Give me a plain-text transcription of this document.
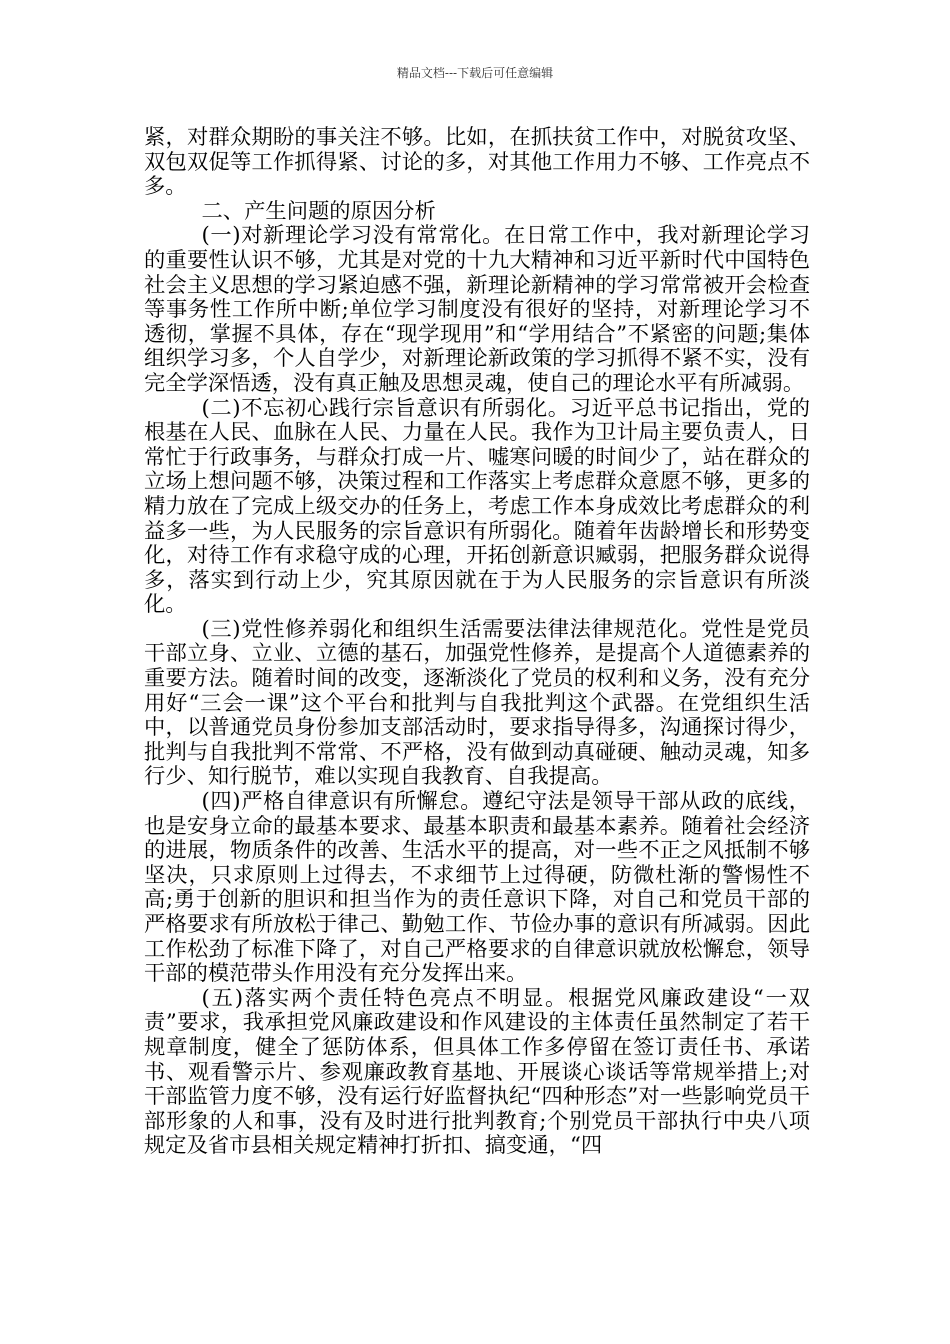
精品文档---下载后可任意编辑

紧，对群众期盼的事关注不够。比如，在抓扶贫工作中，对脱贫攻坚、双包双促等工作抓得紧、讨论的多，对其他工作用力不够、工作亮点不多。

二、产生问题的原因分析

(一)对新理论学习没有常常化。在日常工作中，我对新理论学习的重要性认识不够，尤其是对党的十九大精神和习近平新时代中国特色社会主义思想的学习紧迫感不强，新理论新精神的学习常常被开会检查等事务性工作所中断;单位学习制度没有很好的坚持，对新理论学习不透彻，掌握不具体，存在“现学现用”和“学用结合”不紧密的问题;集体组织学习多，个人自学少，对新理论新政策的学习抓得不紧不实，没有完全学深悟透，没有真正触及思想灵魂，使自己的理论水平有所减弱。

(二)不忘初心践行宗旨意识有所弱化。习近平总书记指出，党的根基在人民、血脉在人民、力量在人民。我作为卫计局主要负责人，日常忙于行政事务，与群众打成一片、嘘寒问暖的时间少了，站在群众的立场上想问题不够，决策过程和工作落实上考虑群众意愿不够，更多的精力放在了完成上级交办的任务上，考虑工作本身成效比考虑群众的利益多一些，为人民服务的宗旨意识有所弱化。随着年齿龄增长和形势变化，对待工作有求稳守成的心理，开拓创新意识臧弱，把服务群众说得多，落实到行动上少，究其原因就在于为人民服务的宗旨意识有所淡化。

(三)党性修养弱化和组织生活需要法律法律规范化。党性是党员干部立身、立业、立德的基石，加强党性修养，是提高个人道德素养的重要方法。随着时间的改变，逐渐淡化了党员的权利和义务，没有充分用好“三会一课”这个平台和批判与自我批判这个武器。在党组织生活中，以普通党员身份参加支部活动时，要求指导得多，沟通探讨得少，批判与自我批判不常常、不严格，没有做到动真碰硬、触动灵魂，知多行少、知行脱节，难以实现自我教育、自我提高。

(四)严格自律意识有所懈怠。遵纪守法是领导干部从政的底线，也是安身立命的最基本要求、最基本职责和最基本素养。随着社会经济的进展，物质条件的改善、生活水平的提高，对一些不正之风抵制不够坚决，只求原则上过得去，不求细节上过得硬，防微杜渐的警惕性不高;勇于创新的胆识和担当作为的责任意识下降，对自己和党员干部的严格要求有所放松于律己、勤勉工作、节俭办事的意识有所减弱。因此工作松劲了标准下降了，对自己严格要求的自律意识就放松懈怠，领导干部的模范带头作用没有充分发挥出来。

(五)落实两个责任特色亮点不明显。根据党风廉政建设“一双责”要求，我承担党风廉政建设和作风建设的主体责任虽然制定了若干规章制度，健全了惩防体系，但具体工作多停留在签订责任书、承诺书、观看警示片、参观廉政教育基地、开展谈心谈话等常规举措上;对干部监管力度不够，没有运行好监督执纪“四种形态”对一些影响党员干部形象的人和事，没有及时进行批判教育;个别党员干部执行中央八项规定及省市县相关规定精神打折扣、搞变通，“四
